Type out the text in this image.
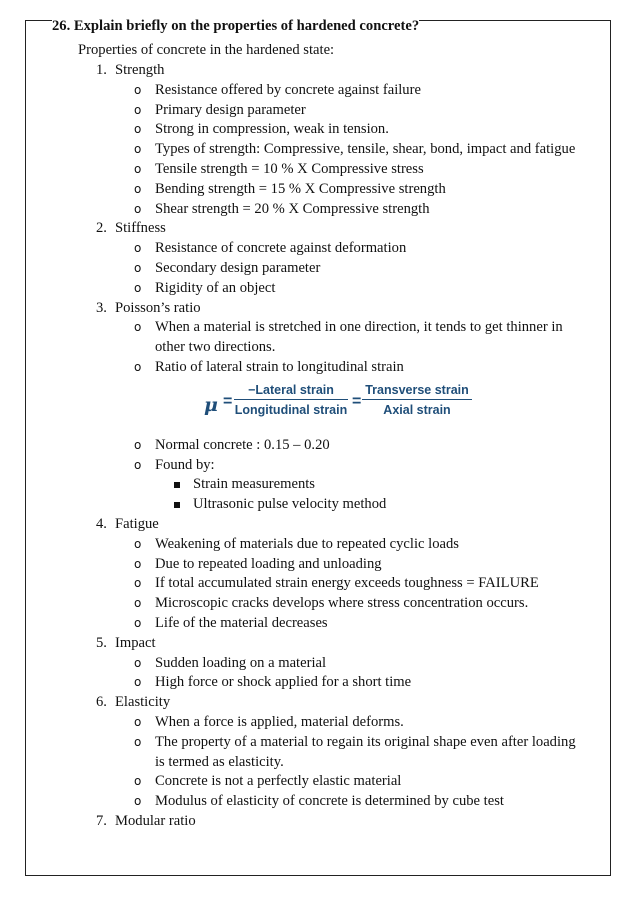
26. Explain briefly on the properties of hardened concrete?
Properties of concrete in the hardened state:
1. Strength
o Resistance offered by concrete against failure
o Primary design parameter
o Strong in compression, weak in tension.
o Types of strength: Compressive, tensile, shear, bond, impact and fatigue
o Tensile strength = 10 % X Compressive stress
o Bending strength = 15 % X Compressive strength
o Shear strength = 20 % X Compressive strength
2. Stiffness
o Resistance of concrete against deformation
o Secondary design parameter
o Rigidity of an object
3. Poisson’s ratio
o When a material is stretched in one direction, it tends to get thinner in other two directions.
o Ratio of lateral strain to longitudinal strain
μ =
−Lateral strain
Longitudinal strain =
Transverse strain
Axial strain
o Normal concrete : 0.15 – 0.20
o Found by:
Strain measurements
Ultrasonic pulse velocity method
4. Fatigue
o Weakening of materials due to repeated cyclic loads
o Due to repeated loading and unloading
o If total accumulated strain energy exceeds toughness = FAILURE
o Microscopic cracks develops where stress concentration occurs.
o Life of the material decreases
5. Impact
o Sudden loading on a material
o High force or shock applied for a short time
6. Elasticity
o When a force is applied, material deforms.
o The property of a material to regain its original shape even after loading is termed as elasticity.
o Concrete is not a perfectly elastic material
o Modulus of elasticity of concrete is determined by cube test
7. Modular ratio
